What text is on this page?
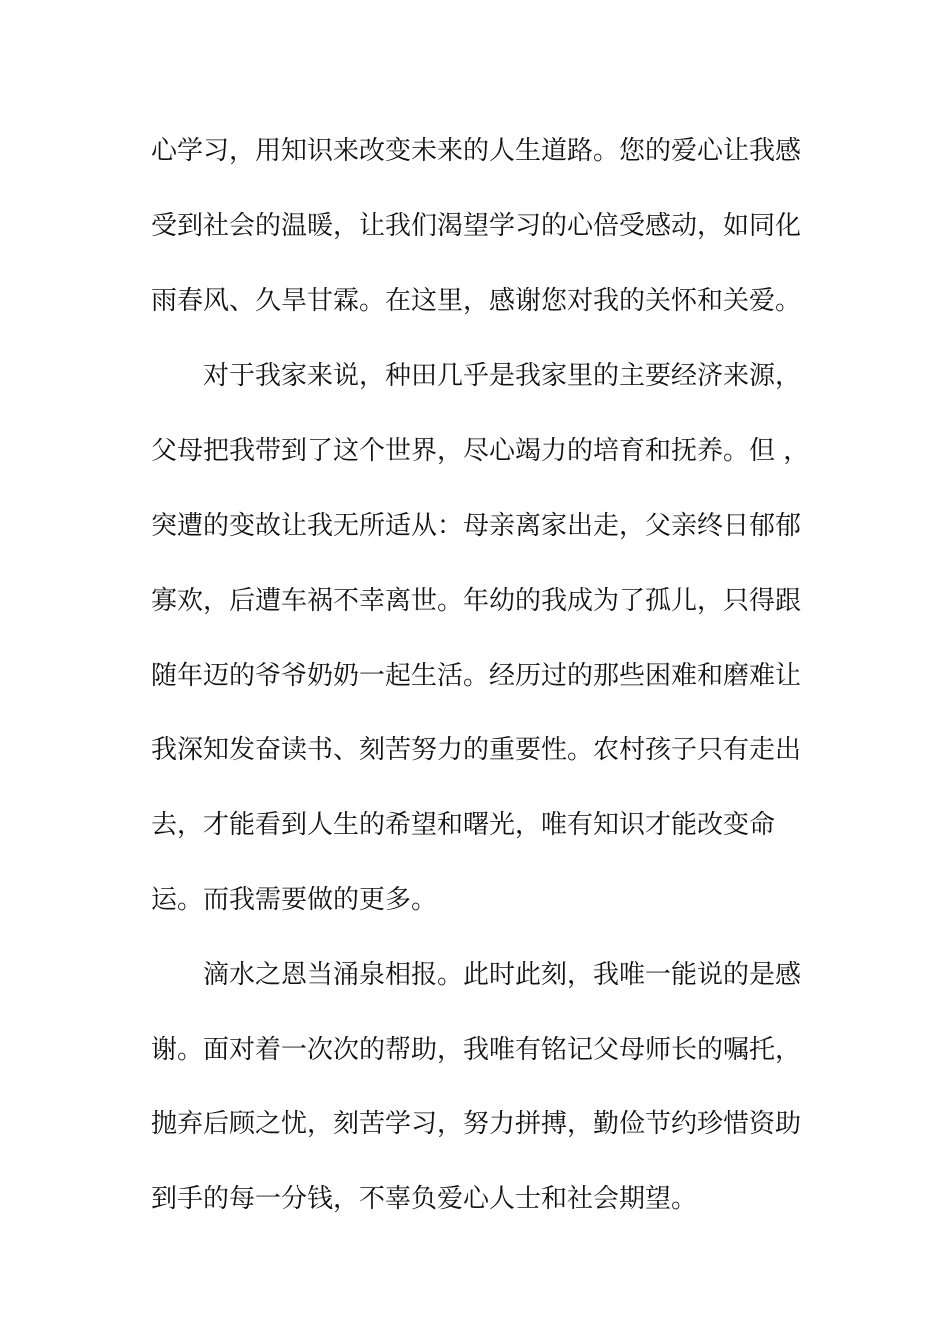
心学习，用知识来改变未来的人生道路。您的爱心让我感
受到社会的温暖，让我们渴望学习的心倍受感动，如同化
雨春风、久旱甘霖。在这里，感谢您对我的关怀和关爱。
对于我家来说，种田几乎是我家里的主要经济来源，
父母把我带到了这个世界，尽心竭力的培育和抚养。但 ，
突遭的变故让我无所适从：母亲离家出走，父亲终日郁郁
寡欢，后遭车祸不幸离世。年幼的我成为了孤儿，只得跟
随年迈的爷爷奶奶一起生活。经历过的那些困难和磨难让
我深知发奋读书、刻苦努力的重要性。农村孩子只有走出
去，才能看到人生的希望和曙光，唯有知识才能改变命
运。而我需要做的更多。
滴水之恩当涌泉相报。此时此刻，我唯一能说的是感
谢。面对着一次次的帮助，我唯有铭记父母师长的嘱托，
抛弃后顾之忧，刻苦学习，努力拼搏，勤俭节约珍惜资助
到手的每一分钱，不辜负爱心人士和社会期望。
